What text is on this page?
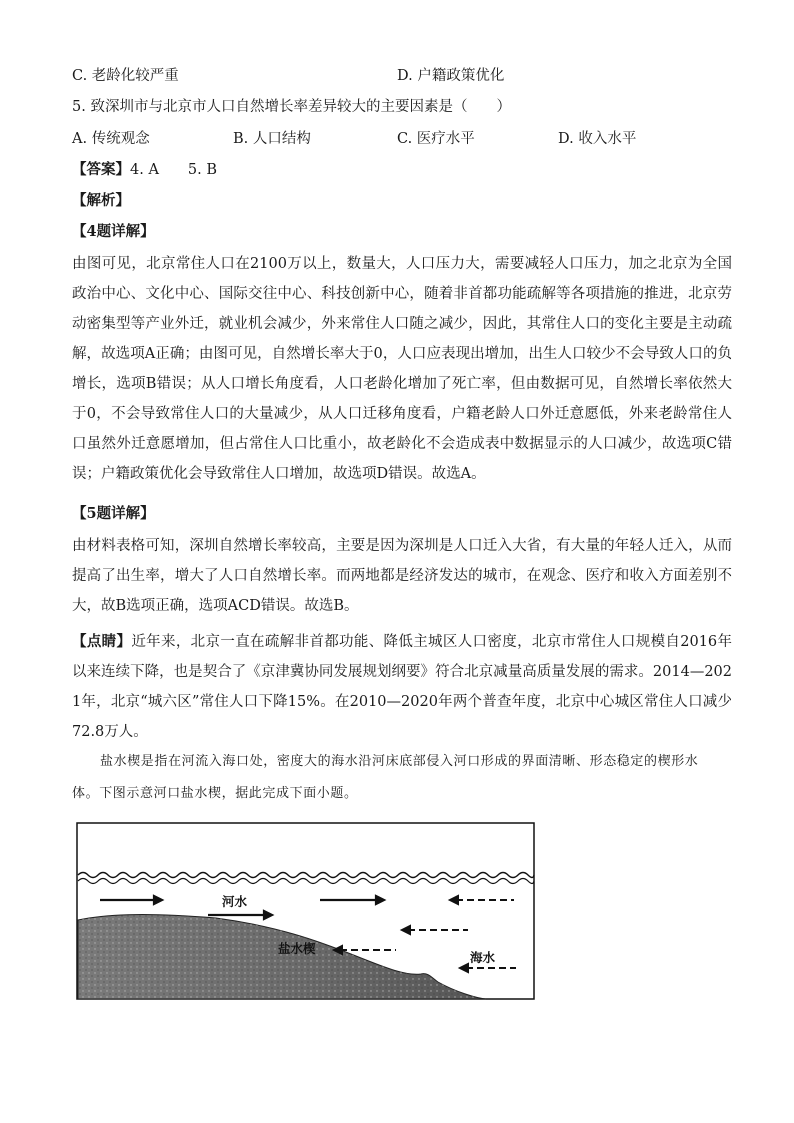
C. 老龄化较严重	D. 户籍政策优化
5. 致深圳市与北京市人口自然增长率差异较大的主要因素是（　　）
A. 传统观念	B. 人口结构	C. 医疗水平	D. 收入水平
【答案】4. A　　5. B
【解析】
【4题详解】
由图可见，北京常住人口在2100万以上，数量大，人口压力大，需要减轻人口压力，加之北京为全国政治中心、文化中心、国际交往中心、科技创新中心，随着非首都功能疏解等各项措施的推进，北京劳动密集型等产业外迁，就业机会减少，外来常住人口随之减少，因此，其常住人口的变化主要是主动疏解，故选项A正确；由图可见，自然增长率大于0，人口应表现出增加，出生人口较少不会导致人口的负增长，选项B错误；从人口增长角度看，人口老龄化增加了死亡率，但由数据可见，自然增长率依然大于0，不会导致常住人口的大量减少，从人口迁移角度看，户籍老龄人口外迁意愿低，外来老龄常住人口虽然外迁意愿增加，但占常住人口比重小，故老龄化不会造成表中数据显示的人口减少，故选项C错误；户籍政策优化会导致常住人口增加，故选项D错误。故选A。
【5题详解】
由材料表格可知，深圳自然增长率较高，主要是因为深圳是人口迁入大省，有大量的年轻人迁入，从而提高了出生率，增大了人口自然增长率。而两地都是经济发达的城市，在观念、医疗和收入方面差别不大，故B选项正确，选项ACD错误。故选B。
【点睛】近年来，北京一直在疏解非首都功能、降低主城区人口密度，北京市常住人口规模自2016年以来连续下降，也是契合了《京津冀协同发展规划纲要》符合北京减量高质量发展的需求。2014—2021年，北京“城六区”常住人口下降15%。在2010—2020年两个普查年度，北京中心城区常住人口减少72.8万人。
盐水楔是指在河流入海口处，密度大的海水沿河床底部侵入河口形成的界面清晰、形态稳定的楔形水
体。下图示意河口盐水楔，据此完成下面小题。
河水
盐水楔
海水
